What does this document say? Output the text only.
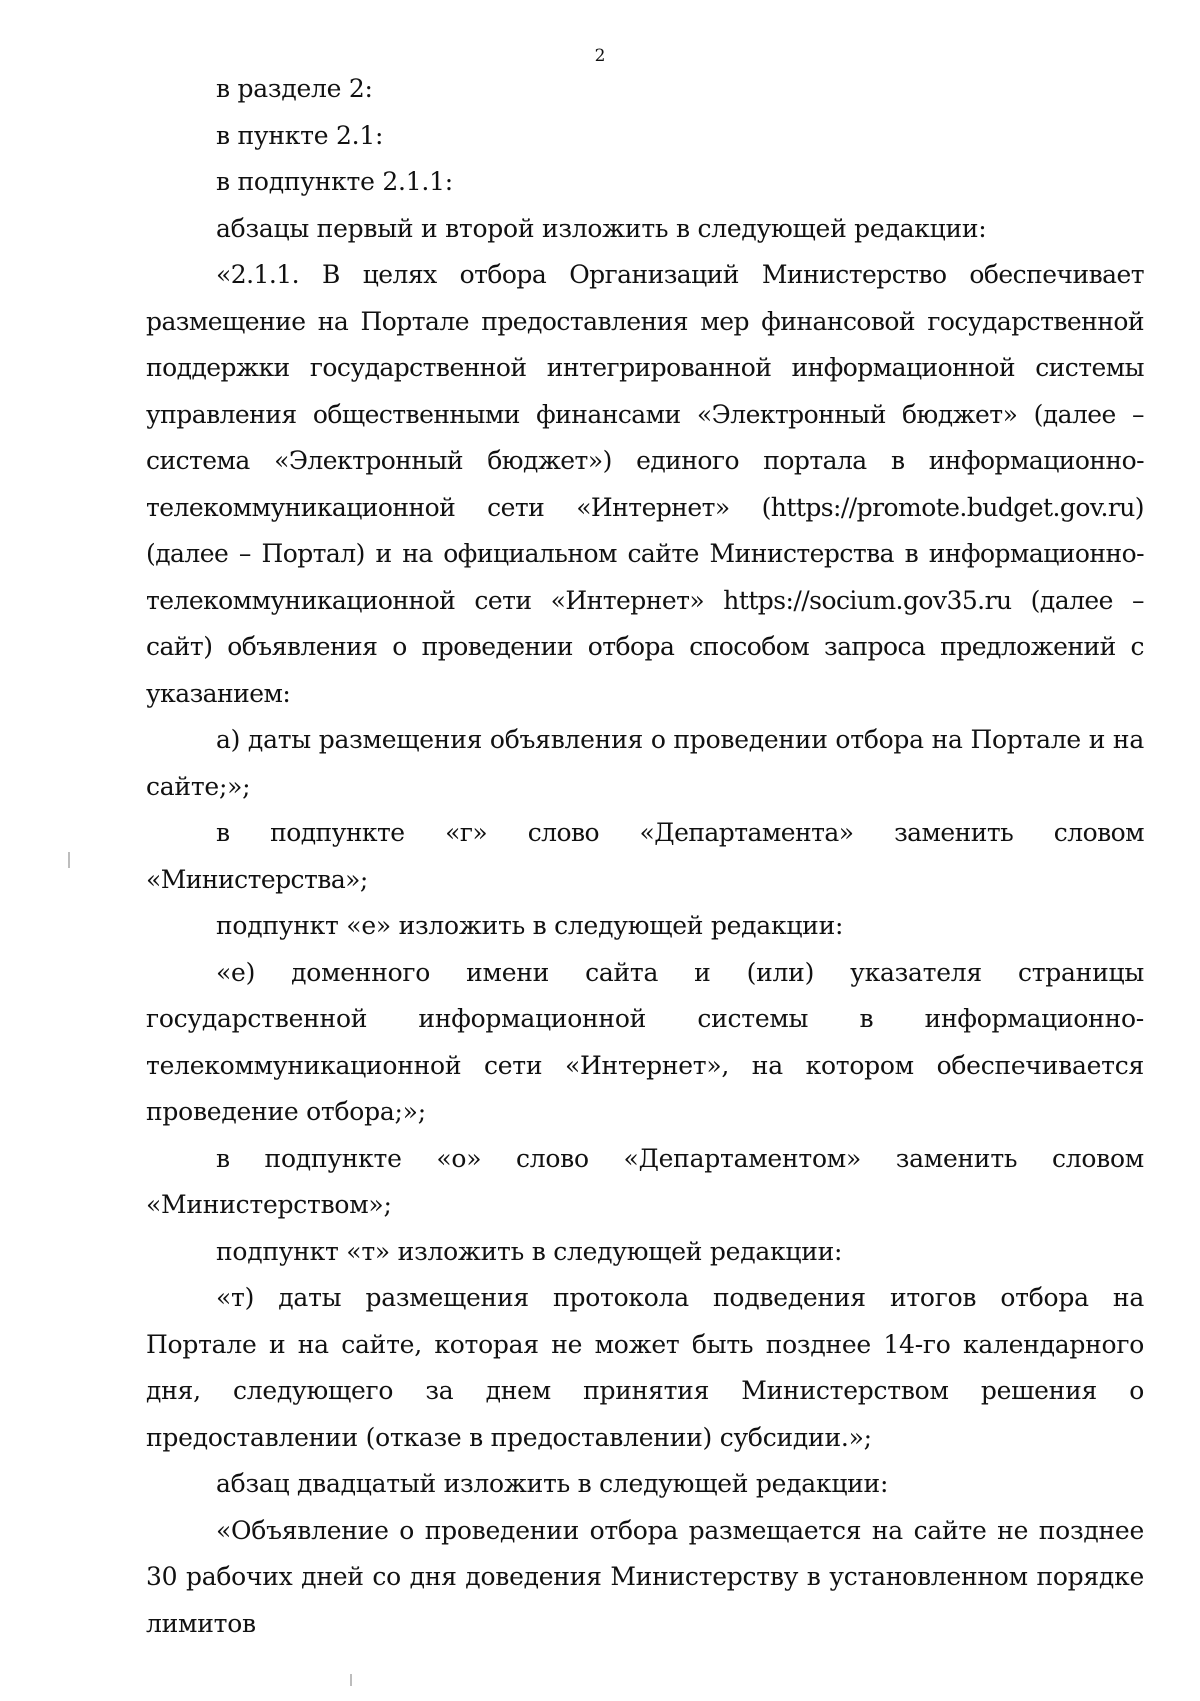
2

в разделе 2:

в пункте 2.1:

в подпункте 2.1.1:

абзацы первый и второй изложить в следующей редакции:

«2.1.1. В целях отбора Организаций Министерство обеспечивает размещение на Портале предоставления мер финансовой государственной поддержки государственной интегрированной информационной системы управления общественными финансами «Электронный бюджет» (далее – система «Электронный бюджет») единого портала в информационно-телекоммуникационной сети «Интернет» (https://promote.budget.gov.ru) (далее – Портал) и на официальном сайте Министерства в информационно-телекоммуникационной сети «Интернет» https://socium.gov35.ru (далее – сайт) объявления о проведении отбора способом запроса предложений с указанием:

а) даты размещения объявления о проведении отбора на Портале и на сайте;»;

в подпункте «г» слово «Департамента» заменить словом «Министерства»;

подпункт «е» изложить в следующей редакции:

«е) доменного имени сайта и (или) указателя страницы государственной информационной системы в информационно-телекоммуникационной сети «Интернет», на котором обеспечивается проведение отбора;»;

в подпункте «о» слово «Департаментом» заменить словом «Министерством»;

подпункт «т» изложить в следующей редакции:

«т) даты размещения протокола подведения итогов отбора на Портале и на сайте, которая не может быть позднее 14-го календарного дня, следующего за днем принятия Министерством решения о предоставлении (отказе в предоставлении) субсидии.»;

абзац двадцатый изложить в следующей редакции:

«Объявление о проведении отбора размещается на сайте не позднее 30 рабочих дней со дня доведения Министерству в установленном порядке лимитов
